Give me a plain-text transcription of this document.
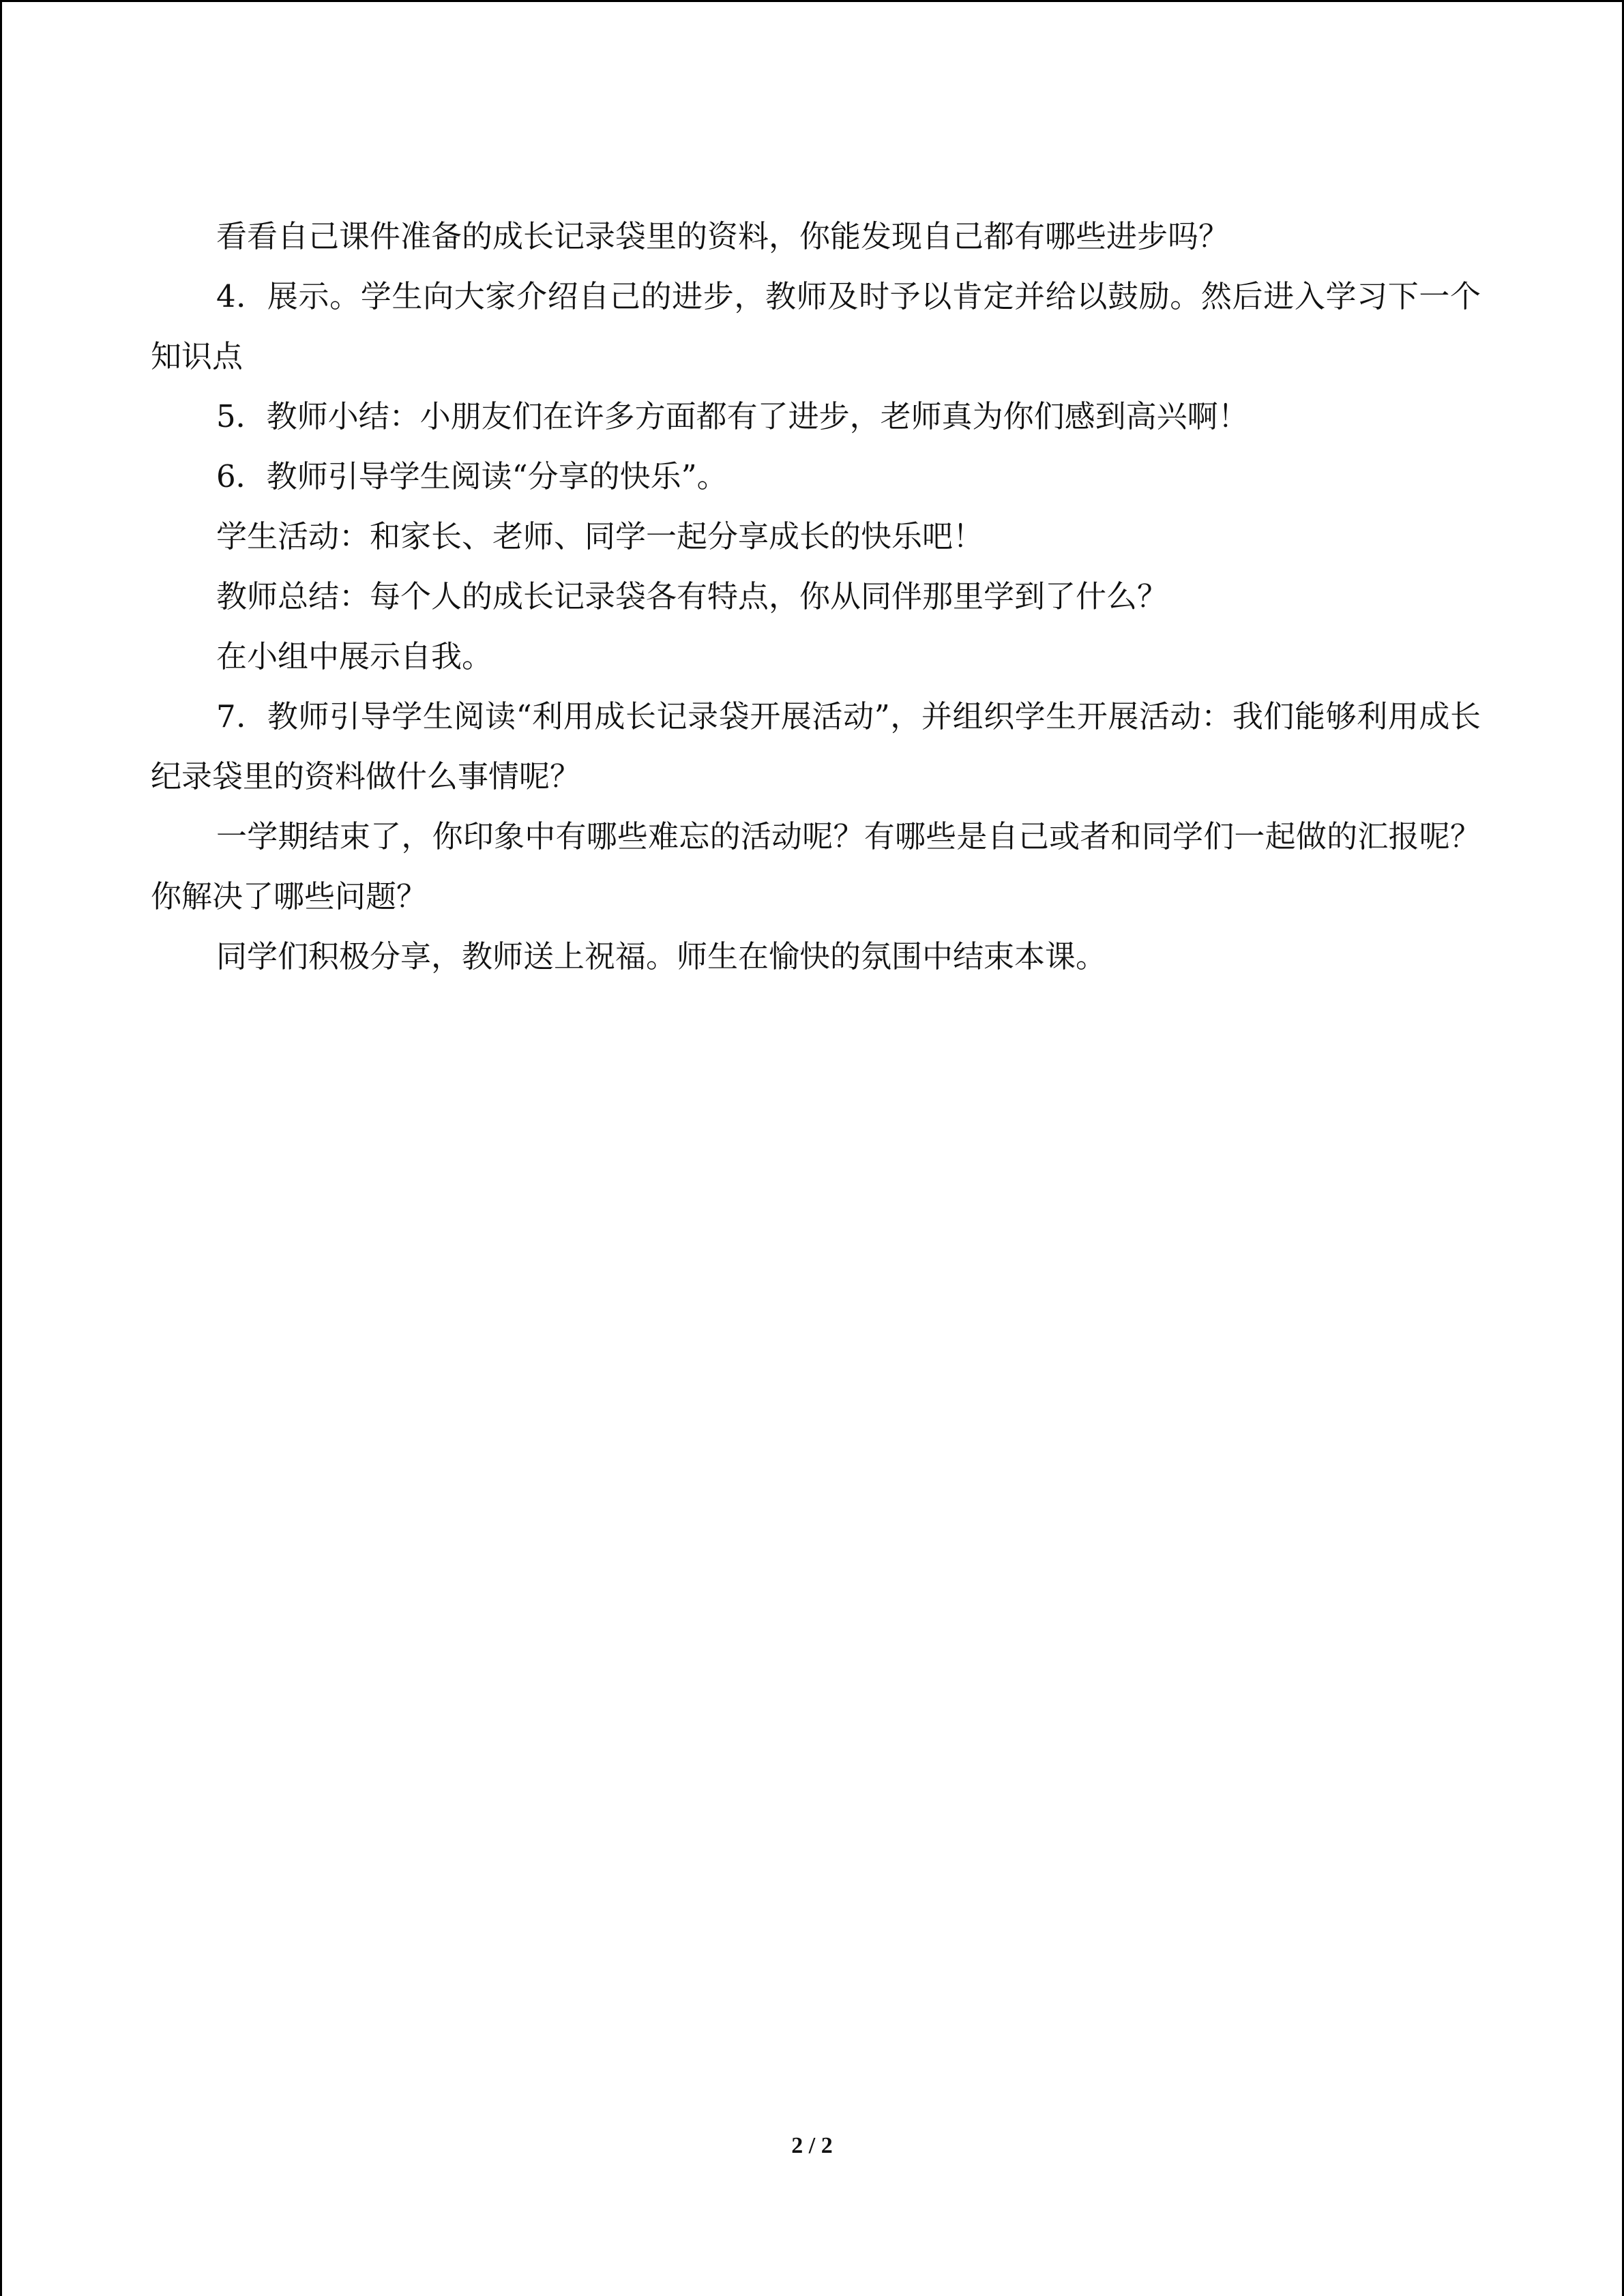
看看自己课件准备的成长记录袋里的资料，你能发现自己都有哪些进步吗？

4．展示。学生向大家介绍自己的进步，教师及时予以肯定并给以鼓励。然后进入学习下一个知识点

5．教师小结：小朋友们在许多方面都有了进步，老师真为你们感到高兴啊！

6．教师引导学生阅读“分享的快乐”。

学生活动：和家长、老师、同学一起分享成长的快乐吧！

教师总结：每个人的成长记录袋各有特点，你从同伴那里学到了什么？

在小组中展示自我。

7．教师引导学生阅读“利用成长记录袋开展活动”，并组织学生开展活动：我们能够利用成长纪录袋里的资料做什么事情呢？

一学期结束了，你印象中有哪些难忘的活动呢？有哪些是自己或者和同学们一起做的汇报呢？你解决了哪些问题？

同学们积极分享，教师送上祝福。师生在愉快的氛围中结束本课。

2 / 2
